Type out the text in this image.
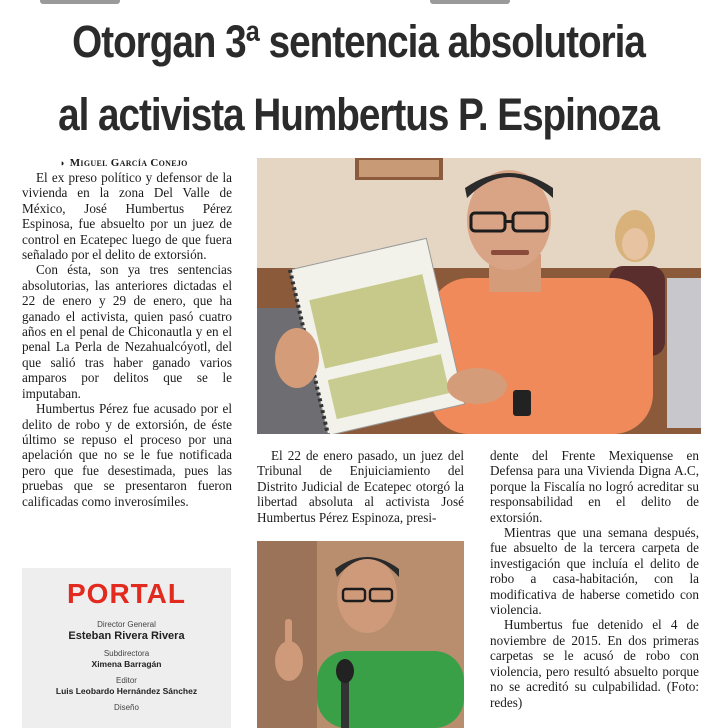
Otorgan 3ª sentencia absolutoria
al activista Humbertus P. Espinoza
◗ Miguel García Conejo

El ex preso político y defensor de la vivienda en la zona Del Valle de México, José Humbertus Pérez Espinosa, fue absuelto por un juez de control en Ecatepec luego de que fuera señalado por el delito de extorsión.

Con ésta, son ya tres sentencias absolutorias, las anteriores dictadas el 22 de enero y 29 de enero, que ha ganado el activista, quien pasó cuatro años en el penal de Chiconautla y en el penal La Perla de Nezahualcóyotl, del que salió tras haber ganado varios amparos por delitos que se le imputaban.

Humbertus Pérez fue acusado por el delito de robo y de extorsión, de éste último se repuso el proceso por una apelación que no se le fue notificada pero que fue desestimada, pues las pruebas que se presentaron fueron calificadas como inverosímiles.

El 22 de enero pasado, un juez del Tribunal de Enjuiciamiento del Distrito Judicial de Ecatepec otorgó la libertad absoluta al activista José Humbertus Pérez Espinoza, presi-

dente del Frente Mexiquense en Defensa para una Vivienda Digna A.C, porque la Fiscalía no logró acreditar su responsabilidad en el delito de extorsión.

Mientras que una semana después, fue absuelto de la tercera carpeta de investigación que incluía el delito de robo a casa-habitación, con la modificativa de haberse cometido con violencia.

Humbertus fue detenido el 4 de noviembre de 2015. En dos primeras carpetas se le acusó de robo con violencia, pero resultó absuelto porque no se acreditó su culpabilidad. (Foto: redes)

PORTAL
Director General
Esteban Rivera Rivera
Subdirectora
Ximena Barragán
Editor
Luis Leobardo Hernández Sánchez
Diseño
